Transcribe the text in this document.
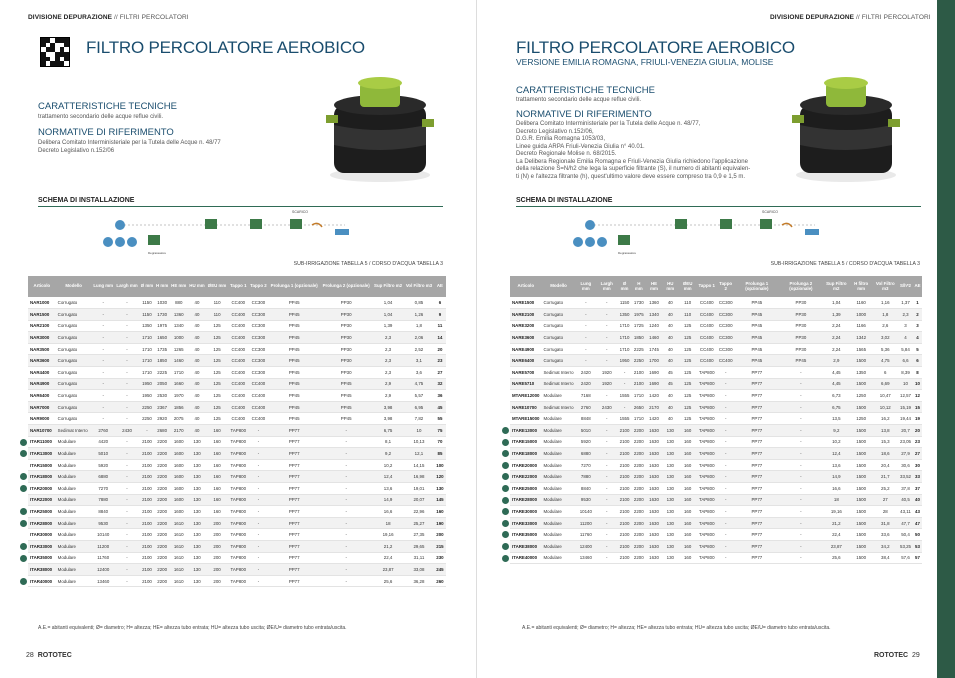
DIVISIONE DEPURAZIONE // FILTRI PERCOLATORI
FILTRO PERCOLATORE AEROBICO
CARATTERISTICHE TECNICHE
trattamento secondario delle acque reflue civili.
NORMATIVE DI RIFERIMENTO
Delibera Comitato Interministeriale per la Tutela delle Acque n. 48/77
Decreto Legislativo n.152/06
SCHEMA DI INSTALLAZIONE
SCARICO
Degrassatore
SUB-IRRIGAZIONE TABELLA 5 / CORSO D'ACQUA TABELLA 3
Articolo	Modello	Lung mm	Largh mm	Ø mm	H mm	HE mm	HU mm	ØEU mm	Tappo 1	Tappo 2	Prolunga 1 (opzionale)	Prolunga 2 (opzionale)	Sup Filtro m2	Vol Filtro m3	AE
NAR1000	Corrugato	-	-	1150	1030	880	40	110	CC400	CC300	PP45	PP30	1,04	0,85	6
NAR1500	Corrugato	-	-	1150	1730	1360	40	110	CC400	CC300	PP45	PP30	1,04	1,26	9
NAR2100	Corrugato	-	-	1350	1975	1340	40	125	CC400	CC300	PP45	PP30	1,39	1,8	11
NAR3000	Corrugato	-	-	1710	1650	1000	40	125	CC400	CC300	PP45	PP30	2,3	2,06	14
NAR3500	Corrugato	-	-	1710	1735	1265	40	125	CC400	CC300	PP45	PP30	2,3	2,52	20
NAR3600	Corrugato	-	-	1710	1850	1460	40	125	CC400	CC300	PP45	PP30	2,3	3,1	23
NAR4400	Corrugato	-	-	1710	2225	1710	40	125	CC400	CC300	PP45	PP30	2,3	3,6	27
NAR4900	Corrugato	-	-	1950	2050	1660	40	125	CC400	CC400	PP45	PP45	2,9	4,75	32
NAR6400	Corrugato	-	-	1950	2530	1970	40	125	CC400	CC400	PP45	PP45	2,9	5,57	36
NAR7000	Corrugato	-	-	2250	2367	1856	40	125	CC400	CC400	PP45	PP45	3,98	6,95	45
NAR9000	Corrugato	-	-	2250	2920	2075	40	125	CC400	CC400	PP45	PP45	3,98	7,82	55
NAR10700	Sedimat Interro	2760	2430	-	2680	2170	40	160	TAP800	-	PP77	-	6,75	10	75
ITAR11000	Modulare	4420	-	2100	2200	1600	130	160	TAP800	-	PP77	-	8,1	10,13	70
ITAR13000	Modulare	5010	-	2100	2200	1600	130	160	TAP800	-	PP77	-	9,2	12,1	85
ITAR15000	Modulare	5920	-	2100	2200	1600	130	160	TAP800	-	PP77	-	10,2	14,15	100
ITAR18000	Modulare	6880	-	2100	2200	1600	130	160	TAP800	-	PP77	-	12,4	16,98	120
ITAR20000	Modulare	7270	-	2100	2200	1600	130	160	TAP800	-	PP77	-	13,6	19,01	130
ITAR22000	Modulare	7880	-	2100	2200	1600	130	160	TAP800	-	PP77	-	14,9	20,07	145
ITAR25000	Modulare	8840	-	2100	2200	1600	130	160	TAP800	-	PP77	-	16,6	22,96	160
ITAR28000	Modulare	9530	-	2100	2200	1610	130	200	TAP800	-	PP77	-	18	25,27	190
ITAR30000	Modulare	10140	-	2100	2200	1610	130	200	TAP800	-	PP77	-	19,16	27,35	200
ITAR33000	Modulare	11200	-	2100	2200	1610	130	200	TAP800	-	PP77	-	21,2	29,65	215
ITAR35000	Modulare	11760	-	2100	2200	1610	130	200	TAP800	-	PP77	-	22,4	31,11	230
ITAR38000	Modulare	12400	-	2100	2200	1610	130	200	TAP800	-	PP77	-	23,87	33,08	245
ITAR40000	Modulare	13460	-	2100	2200	1610	130	200	TAP800	-	PP77	-	25,6	36,28	260
A.E.= abitanti equivalenti; Ø= diametro; H= altezza; HE= altezza tubo entrata; HU= altezza tubo uscita; ØE/U= diametro tubo entrata/uscita.
28 ROTOTEC
DIVISIONE DEPURAZIONE // FILTRI PERCOLATORI
FILTRO PERCOLATORE AEROBICO
VERSIONE EMILIA ROMAGNA, FRIULI-VENEZIA GIULIA, MOLISE
CARATTERISTICHE TECNICHE
trattamento secondario delle acque reflue civili.
NORMATIVE DI RIFERIMENTO
Delibera Comitato Interministeriale per la Tutela delle Acque n. 48/77,
Decreto Legislativo n.152/06,
D.G.R. Emilia Romagna 1053/03,
Linee guida ARPA Friuli-Venezia Giulia n° 40.01.
Decreto Regionale Molise n. 68/2015.
La Delibera Regionale Emilia Romagna e Friuli-Venezia Giulia richiedono l'applicazione
della relazione S=N/h2 che lega la superficie filtrante (S), il numero di abitanti equivalen-
ti (N) e l'altezza filtrante (h), quest'ultimo valore deve essere compreso tra 0,9 e 1,5 m.
SCHEMA DI INSTALLAZIONE
SCARICO
Degrassatore
SUB-IRRIGAZIONE TABELLA 5 / CORSO D'ACQUA TABELLA 3
Articolo	Modello	Lung mm	Largh mm	Ø mm	H mm	HE mm	HU mm	ØEU mm	Tappo 1	Tappo 2	Prolunga 1 (opzionale)	Prolunga 2 (opzionale)	Sup Filtro m2	H filtro mm	Vol Filtro m3	S/h*2	AE
NARE1500	Corrugato	-	-	1150	1730	1360	40	110	CC400	CC300	PP45	PP30	1,04	1160	1,16	1,37	1
NARE2100	Corrugato	-	-	1350	1975	1340	40	110	CC400	CC300	PP45	PP30	1,39	1000	1,8	2,3	2
NARE3200	Corrugato	-	-	1710	1725	1240	40	125	CC400	CC300	PP45	PP30	2,24	1166	2,6	3	3
NARE3600	Corrugato	-	-	1710	1850	1460	40	125	CC400	CC300	PP45	PP30	2,24	1342	3,02	4	4
NARE4900	Corrugato	-	-	1710	2225	1745	40	125	CC400	CC300	PP45	PP30	2,24	1565	5,36	5,84	5
NARE6400	Corrugato	-	-	1950	2250	1700	40	125	CC400	CC400	PP45	PP45	2,9	1500	4,75	6,6	6
NARE5700	Sedimat Interro	2420	1920	-	2100	1690	45	125	TAP800	-	PP77	-	4,45	1350	6	8,39	8
NARE5710	Sedimat Interro	2420	1920	-	2100	1690	45	125	TAP800	-	PP77	-	4,45	1500	6,69	10	10
MTARE12000	Modulare	7168	-	1555	1710	1420	40	125	TAP800	-	PP77	-	6,73	1250	10,47	12,57	12
NARE10700	Sedimat Interro	2760	2430	-	2650	2170	40	125	TAP800	-	PP77	-	6,75	1500	10,12	15,19	15
MTARE15000	Modulare	8848	-	1555	1710	1420	40	125	TAP800	-	PP77	-	13,5	1250	16,2	19,44	19
ITARE13000	Modulare	5010	-	2100	2200	1630	130	160	TAP800	-	PP77	-	9,2	1500	13,8	20,7	20
ITARE15000	Modulare	5920	-	2100	2200	1630	130	160	TAP800	-	PP77	-	10,2	1500	15,3	23,05	23
ITARE18000	Modulare	6880	-	2100	2200	1630	130	160	TAP800	-	PP77	-	12,4	1500	18,6	27,9	27
ITARE20000	Modulare	7270	-	2100	2200	1630	130	160	TAP800	-	PP77	-	13,6	1500	20,4	30,6	30
ITARE22000	Modulare	7880	-	2100	2200	1630	130	160	TAP800	-	PP77	-	14,9	1500	21,7	33,52	33
ITARE25000	Modulare	8840	-	2100	2200	1630	130	160	TAP800	-	PP77	-	16,6	1500	25,2	37,8	37
ITARE28000	Modulare	9530	-	2100	2200	1630	130	160	TAP800	-	PP77	-	18	1500	27	40,5	40
ITARE30000	Modulare	10140	-	2100	2200	1630	130	160	TAP800	-	PP77	-	19,16	1500	28	43,11	43
ITARE33000	Modulare	11200	-	2100	2200	1630	130	160	TAP800	-	PP77	-	21,2	1500	31,8	47,7	47
ITARE35000	Modulare	11760	-	2100	2200	1630	130	160	TAP800	-	PP77	-	22,4	1500	33,6	50,4	50
ITARE38000	Modulare	12400	-	2100	2200	1630	130	160	TAP800	-	PP77	-	23,87	1500	34,2	53,25	53
ITARE40000	Modulare	13460	-	2100	2200	1630	130	160	TAP800	-	PP77	-	25,6	1500	38,4	57,6	57
A.E.= abitanti equivalenti; Ø= diametro; H= altezza; HE= altezza tubo entrata; HU= altezza tubo uscita; ØE/U= diametro tubo entrata/uscita.
ROTOTEC 29
